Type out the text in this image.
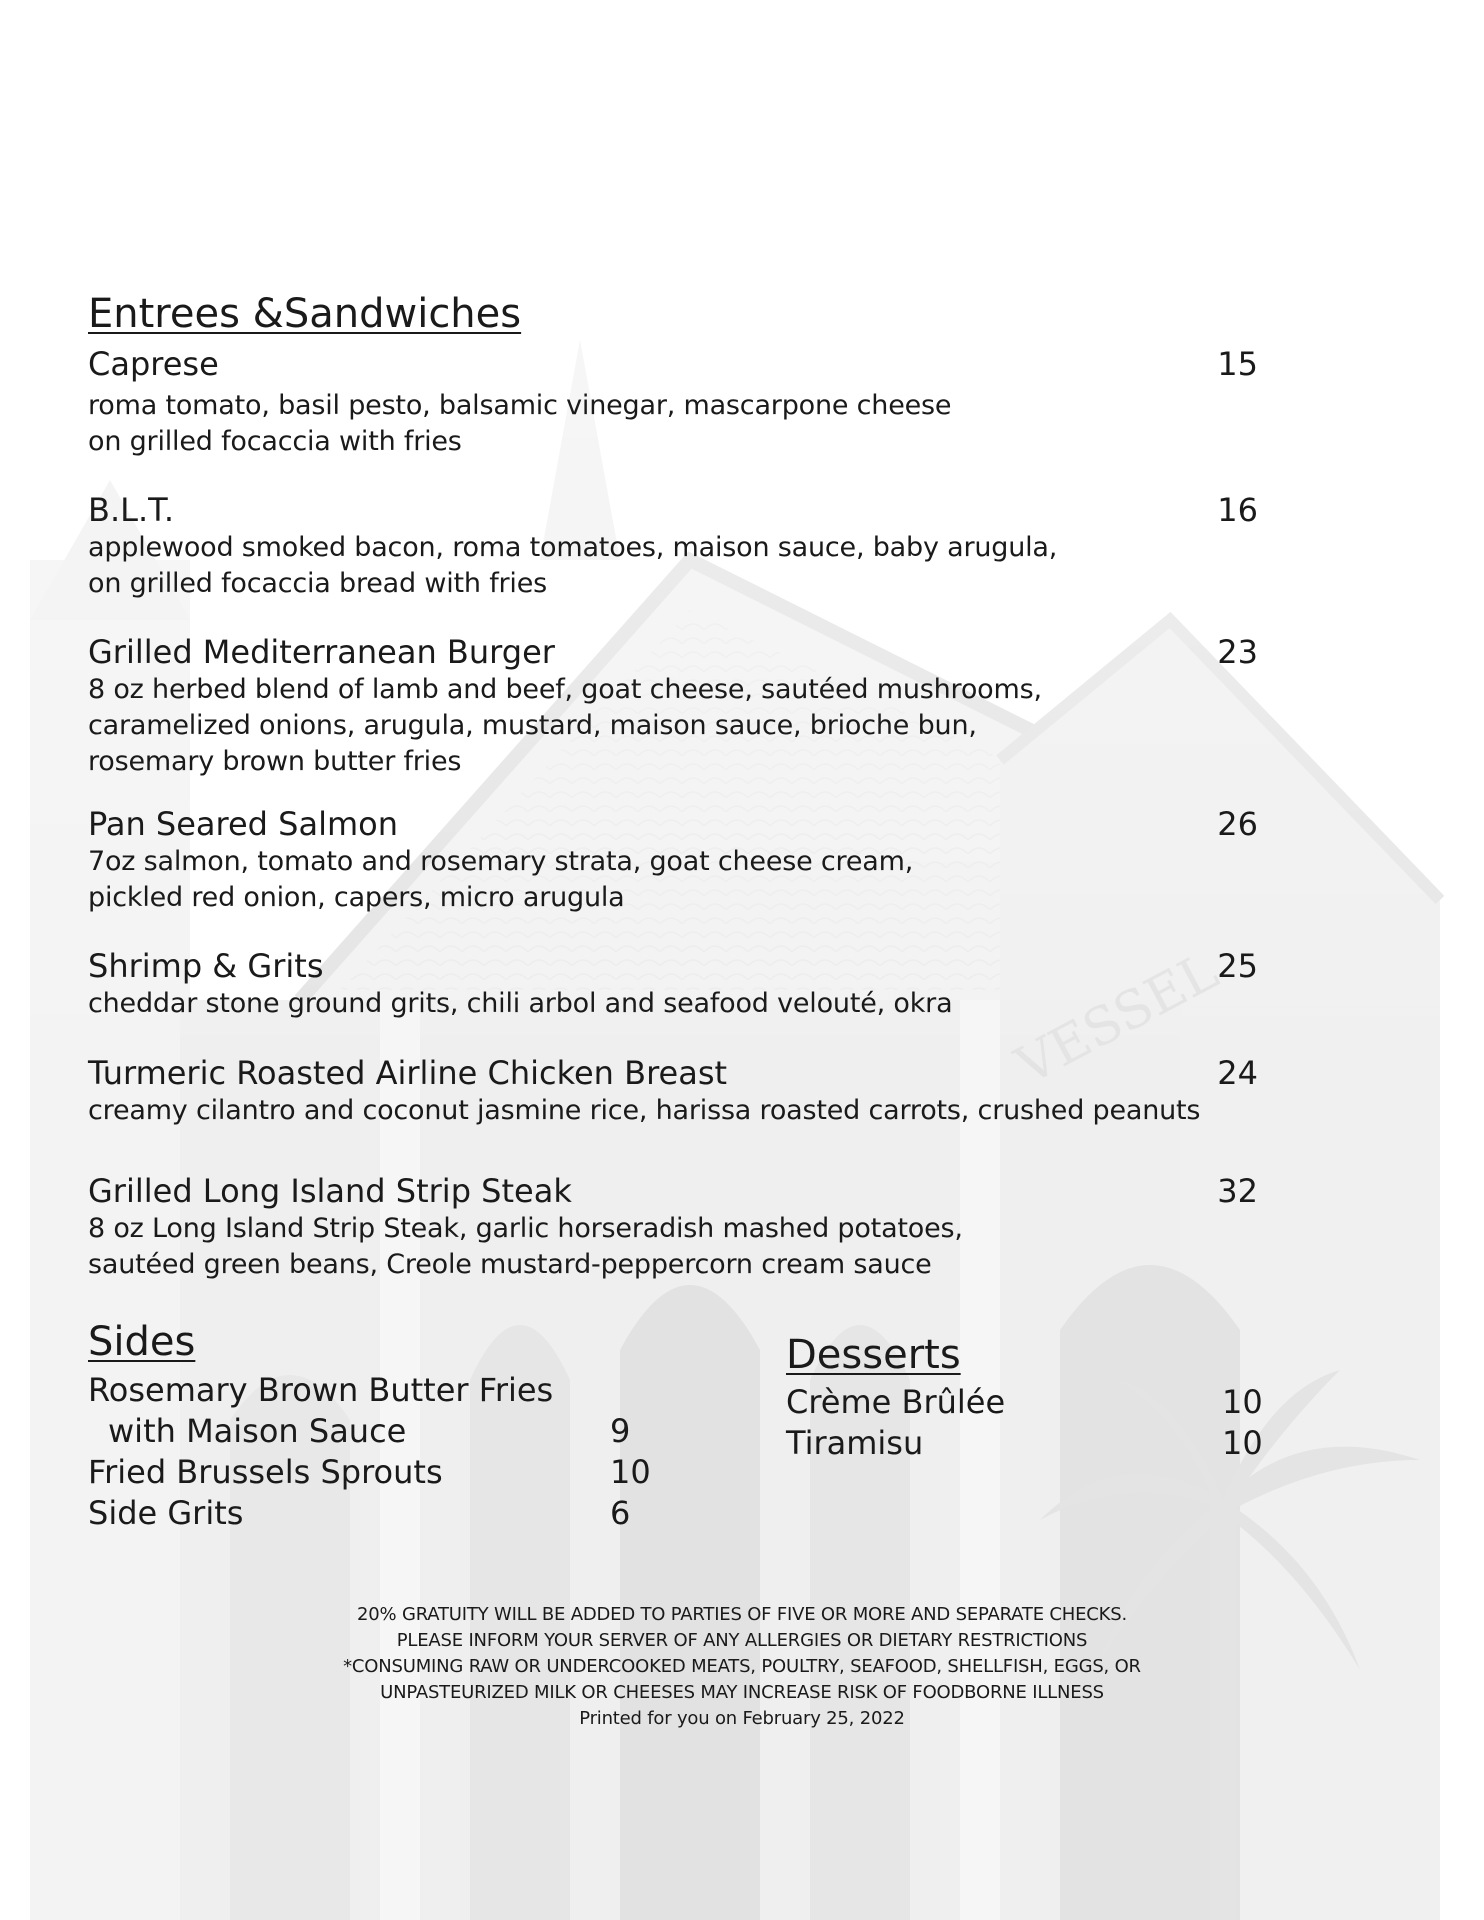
Entrees &Sandwiches
Caprese	15
roma tomato, basil pesto, balsamic vinegar, mascarpone cheese
on grilled focaccia with fries
B.L.T.	16
applewood smoked bacon, roma tomatoes, maison sauce, baby arugula,
on grilled focaccia bread with fries
Grilled Mediterranean Burger	23
8 oz herbed blend of lamb and beef, goat cheese, sautéed mushrooms,
caramelized onions, arugula, mustard, maison sauce, brioche bun,
rosemary brown butter fries
Pan Seared Salmon	26
7oz salmon, tomato and rosemary strata, goat cheese cream,
pickled red onion, capers, micro arugula
Shrimp & Grits	25
cheddar stone ground grits, chili arbol and seafood velouté, okra
Turmeric Roasted Airline Chicken Breast	24
creamy cilantro and coconut jasmine rice, harissa roasted carrots, crushed peanuts
Grilled Long Island Strip Steak	32
8 oz Long Island Strip Steak, garlic horseradish mashed potatoes,
sautéed green beans, Creole mustard-peppercorn cream sauce
Sides
Rosemary Brown Butter Fries
with Maison Sauce	9
Fried Brussels Sprouts	10
Side Grits	6
Desserts
Crème Brûlée	10
Tiramisu	10
20% GRATUITY WILL BE ADDED TO PARTIES OF FIVE OR MORE AND SEPARATE CHECKS.
PLEASE INFORM YOUR SERVER OF ANY ALLERGIES OR DIETARY RESTRICTIONS
*CONSUMING RAW OR UNDERCOOKED MEATS, POULTRY, SEAFOOD, SHELLFISH, EGGS, OR
UNPASTEURIZED MILK OR CHEESES MAY INCREASE RISK OF FOODBORNE ILLNESS
Printed for you on February 25, 2022
